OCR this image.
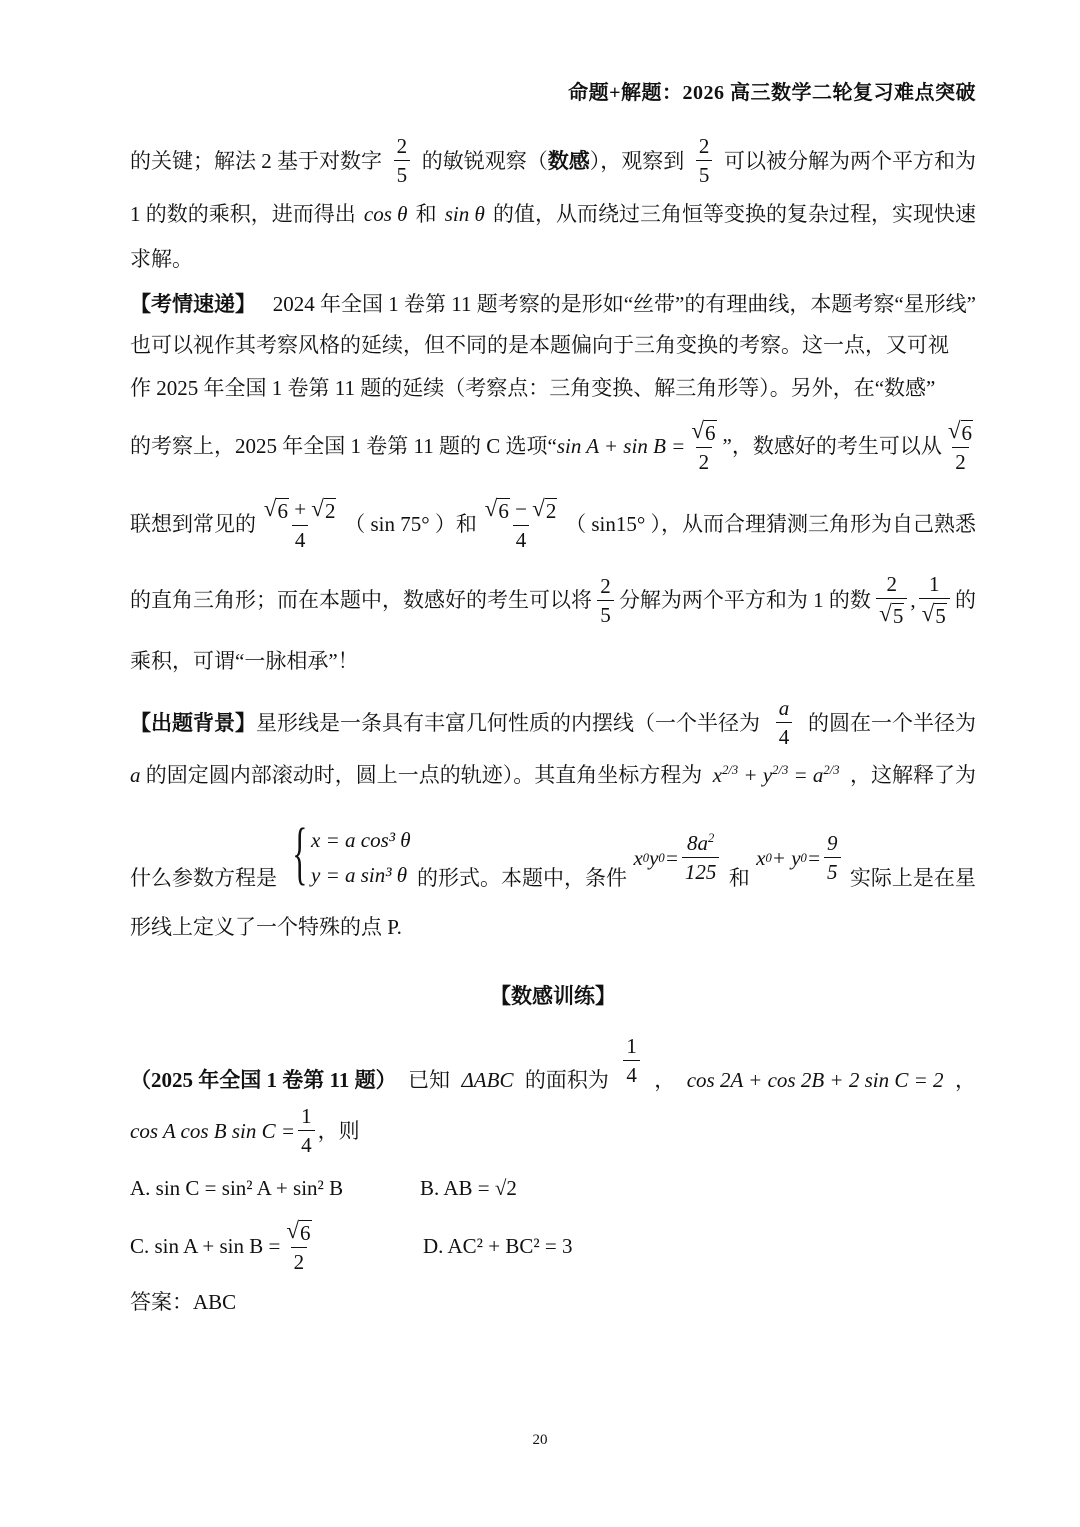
命题+解题：2026 高三数学二轮复习难点突破
的关键；解法 2 基于对数字 $\frac{2}{5}$ 的敏锐观察（数感），观察到 $\frac{2}{5}$ 可以被分解为两个平方和为
1 的数的乘积，进而得出 cos θ 和 sin θ 的值，从而绕过三角恒等变换的复杂过程，实现快速
求解。
【考情速递】 2024 年全国 1 卷第 11 题考察的是形如“丝带”的有理曲线，本题考察“星形线”
也可以视作其考察风格的延续，但不同的是本题偏向于三角变换的考察。这一点，又可视
作 2025 年全国 1 卷第 11 题的延续（考察点：三角变换、解三角形等）。另外，在“数感”
的考察上，2025 年全国 1 卷第 11 题的 C 选项“ $\sin A + \sin B = \frac{√ 6}{2}$ ”，数感好的考生可以从 $\frac{√ 6}{2}$
联想到常见的 $\frac{√ 6 + √ 2}{4}$ （ sin 75° ）和 $\frac{√ 6 - √ 2}{4}$ （ sin15° ），从而合理猜测三角形为自己熟悉
的直角三角形；而在本题中，数感好的考生可以将 $\frac{2}{5}$ 分解为两个平方和为 1 的数 $\frac{2}{√ 5}$ , $\frac{1}{√ 5}$ 的
乘积，可谓“一脉相承”！
【出题背景】星形线是一条具有丰富几何性质的内摆线（一个半径为 $\frac{a}{4}$ 的圆在一个半径为
a 的固定圆内部滚动时，圆上一点的轨迹）。其直角坐标方程为 $x^{2/3} + y^{2/3} = a^{2/3}$ ，这解释了为
什么参数方程是 { x = a cos³ θ
y = a sin³ θ 的形式。本题中，条件
x 0 y $0 = \frac{8a^2}{125}$ 和
x 0 + y $0 = \frac{9}{5}$ 实际上是在星
形线上定义了一个特殊的点 P.
【数感训练】
（2025 年全国 1 卷第 11 题） 已知 ΔABC 的面积为 $\frac{1}{4}$ ， cos 2A + cos 2B + 2 sin C = 2 ，
cos A cos B $\sin C = \frac{1}{4}$ ，则
A. sin C = sin² A + sin² B	B. AB = √2
C. $\sin A + \sin B = \frac{√ 6}{2}$	D. AC² + BC² = 3
答案：ABC
20
